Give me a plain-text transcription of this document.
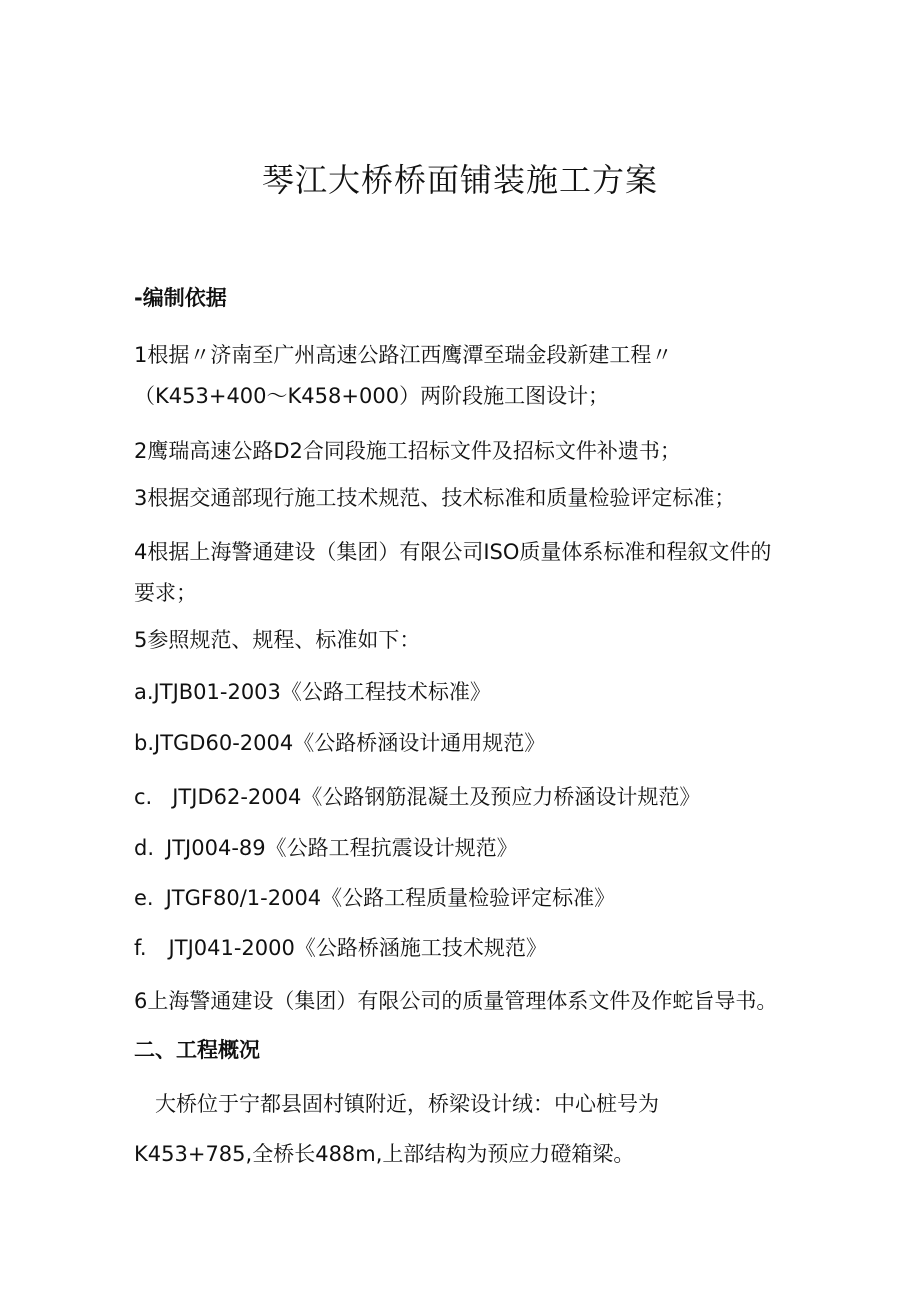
琴江大桥桥面铺装施工方案
-编制依据
1根据〃济南至广州高速公路江西鹰潭至瑞金段新建工程〃
（K453+400～K458+000）两阶段施工图设计；
2鹰瑞高速公路D2合同段施工招标文件及招标文件补遗书；
3根据交通部现行施工技术规范、技术标准和质量检验评定标准；
4根据上海警通建设（集团）有限公司ISO质量体系标准和程叙文件的
要求；
5参照规范、规程、标准如下：
a.JTJB01-2003《公路工程技术标准》
b.JTGD60-2004《公路桥涵设计通用规范》
c. JTJD62-2004《公路钢筋混凝土及预应力桥涵设计规范》
d. JTJ004-89《公路工程抗震设计规范》
e. JTGF80/1-2004《公路工程质量检验评定标准》
f. JTJ041-2000《公路桥涵施工技术规范》
6上海警通建设（集团）有限公司的质量管理体系文件及作蛇旨导书。
二、工程概况
大桥位于宁都县固村镇附近，桥梁设计绒：中心桩号为
K453+785,全桥长488m,上部结构为预应力磴箱梁。
